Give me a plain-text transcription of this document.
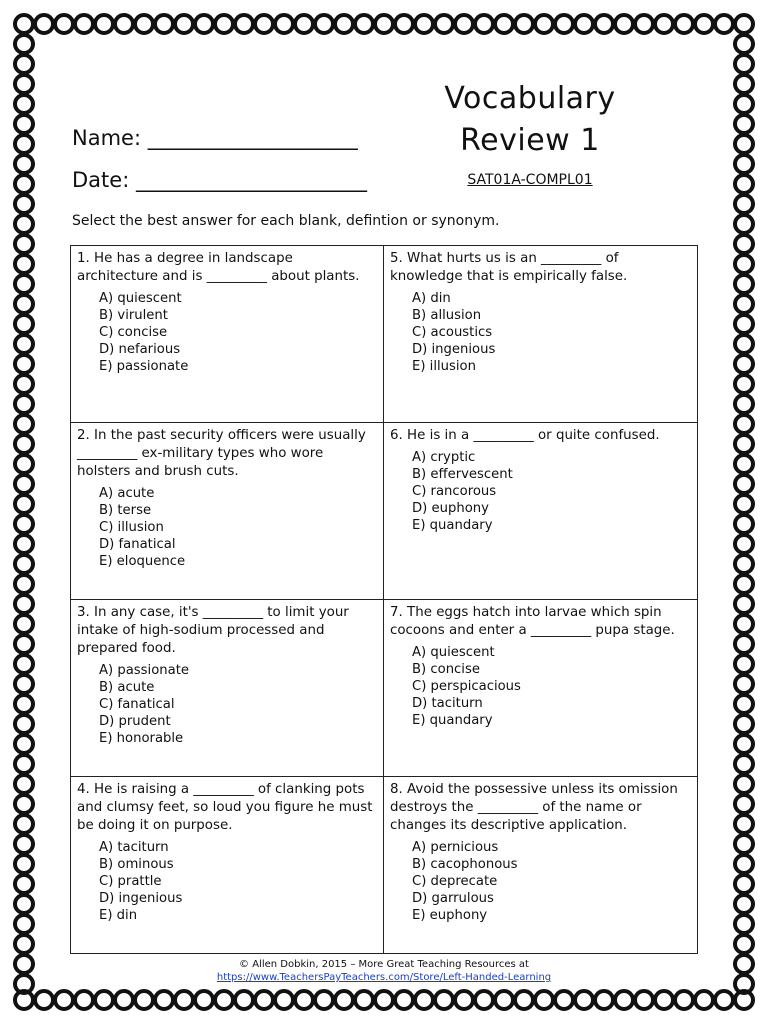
Name: ____________________
Date: ______________________
Vocabulary
Review 1
SAT01A-COMPL01
Select the best answer for each blank, defintion or synonym.
1. He has a degree in landscape architecture and is _________ about plants.
A) quiescent
B) virulent
C) concise
D) nefarious
E) passionate
5. What hurts us is an _________ of knowledge that is empirically false.
A) din
B) allusion
C) acoustics
D) ingenious
E) illusion
2. In the past security officers were usually _________ ex-military types who wore holsters and brush cuts.
A) acute
B) terse
C) illusion
D) fanatical
E) eloquence
6. He is in a _________ or quite confused.
A) cryptic
B) effervescent
C) rancorous
D) euphony
E) quandary
3. In any case, it's _________ to limit your intake of high-sodium processed and prepared food.
A) passionate
B) acute
C) fanatical
D) prudent
E) honorable
7. The eggs hatch into larvae which spin cocoons and enter a _________ pupa stage.
A) quiescent
B) concise
C) perspicacious
D) taciturn
E) quandary
4. He is raising a _________ of clanking pots and clumsy feet, so loud you figure he must be doing it on purpose.
A) taciturn
B) ominous
C) prattle
D) ingenious
E) din
8. Avoid the possessive unless its omission destroys the _________ of the name or changes its descriptive application.
A) pernicious
B) cacophonous
C) deprecate
D) garrulous
E) euphony
© Allen Dobkin, 2015 – More Great Teaching Resources at
https://www.TeachersPayTeachers.com/Store/Left-Handed-Learning
